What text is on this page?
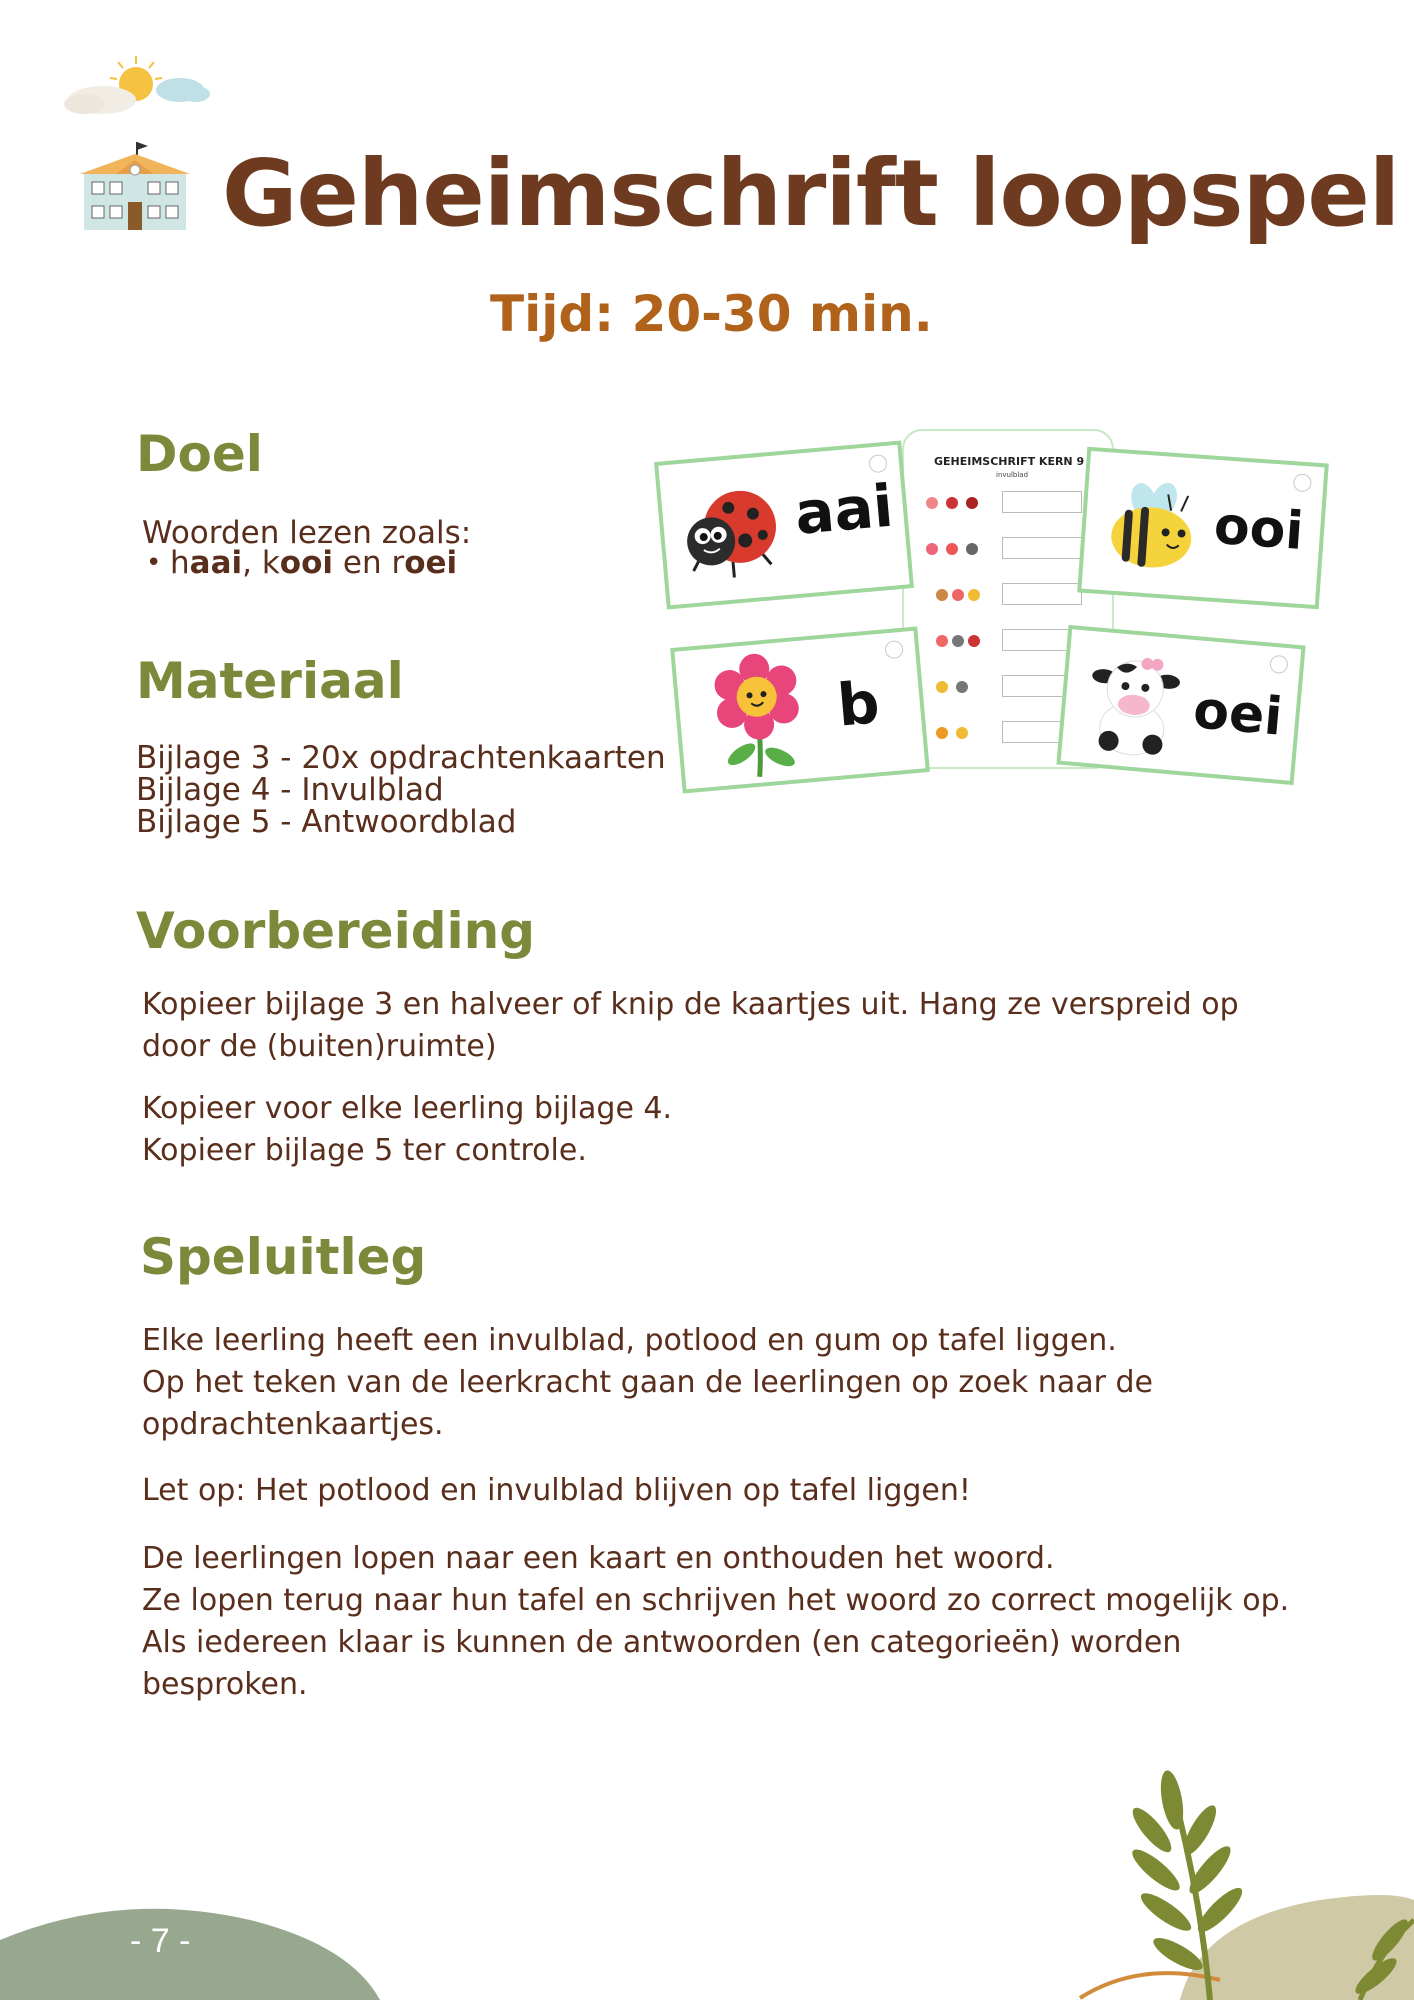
Geheimschrift loopspel
Tijd: 20-30 min.
Doel
Woorden lezen zoals:
• haai, kooi en roei
Materiaal
Bijlage 3 - 20x opdrachtenkaarten
Bijlage 4 - Invulblad
Bijlage 5 - Antwoordblad
GEHEIMSCHRIFT KERN 9
invulblad
aai	ooi
b	oei
Voorbereiding
Kopieer bijlage 3 en halveer of knip de kaartjes uit. Hang ze verspreid op door de (buiten)ruimte)
Kopieer voor elke leerling bijlage 4.
Kopieer bijlage 5 ter controle.
Speluitleg
Elke leerling heeft een invulblad, potlood en gum op tafel liggen.
Op het teken van de leerkracht gaan de leerlingen op zoek naar de opdrachtenkaartjes.
Let op: Het potlood en invulblad blijven op tafel liggen!
De leerlingen lopen naar een kaart en onthouden het woord.
Ze lopen terug naar hun tafel en schrijven het woord zo correct mogelijk op.
Als iedereen klaar is kunnen de antwoorden (en categorieën) worden besproken.
- 7 -
